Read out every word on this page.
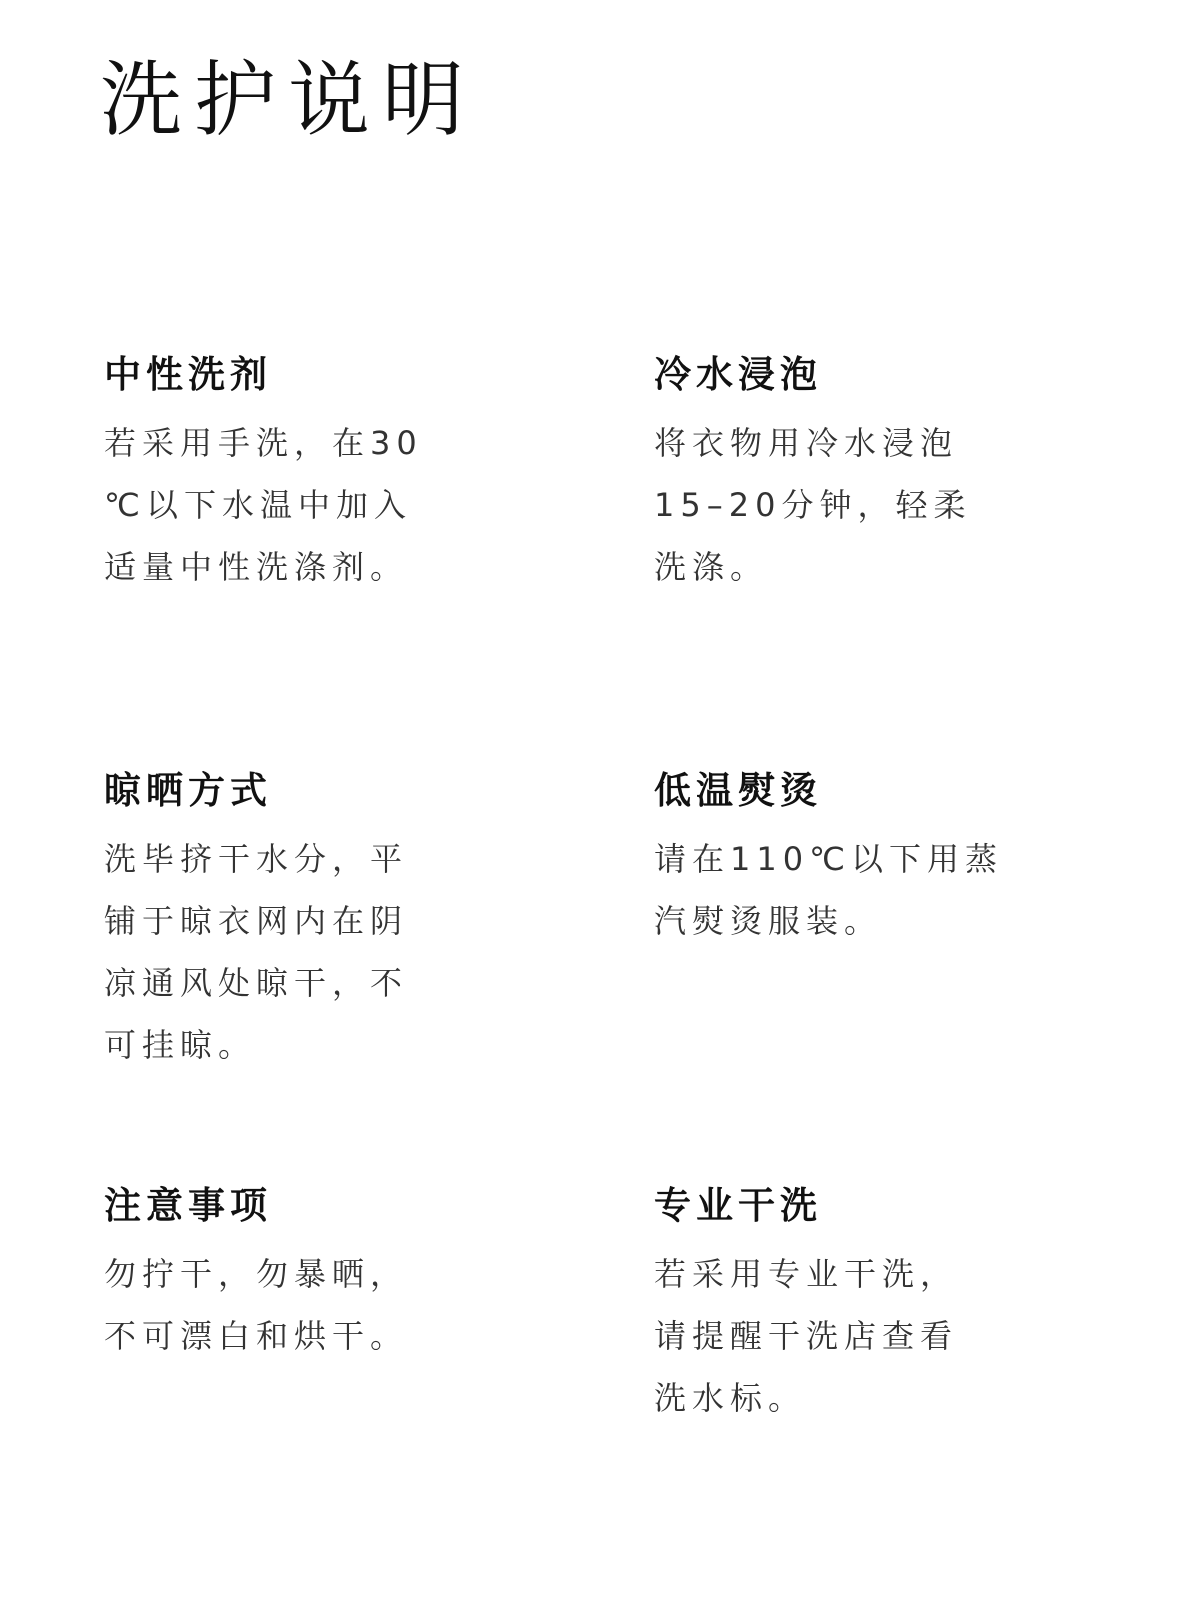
洗护说明
中性洗剂

若采用手洗，在30
℃以下水温中加入
适量中性洗涤剂。

冷水浸泡

将衣物用冷水浸泡
15–20分钟，轻柔
洗涤。

晾晒方式

洗毕挤干水分，平
铺于晾衣网内在阴
凉通风处晾干，不
可挂晾。

低温熨烫

请在110℃以下用蒸
汽熨烫服装。

注意事项

勿拧干，勿暴晒，
不可漂白和烘干。

专业干洗

若采用专业干洗，
请提醒干洗店查看
洗水标。
